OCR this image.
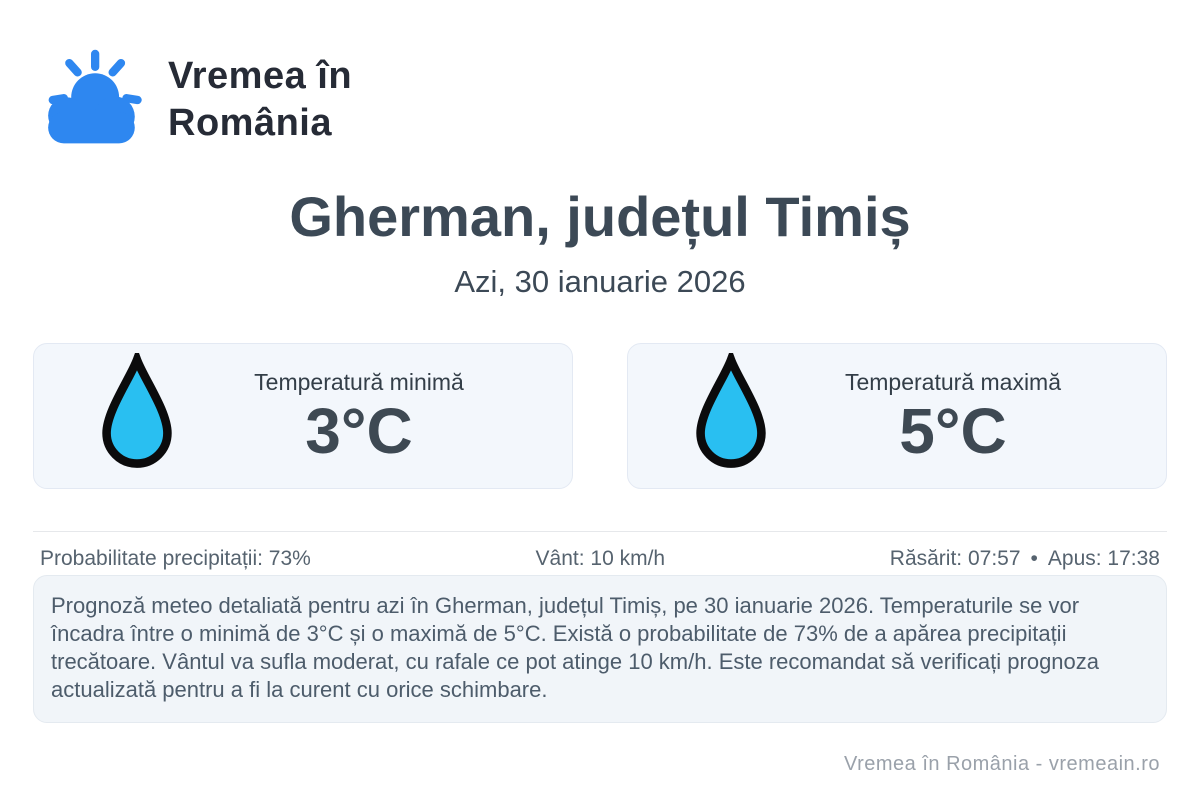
Vremea în
România
Gherman, județul Timiș
Azi, 30 ianuarie 2026
Temperatură minimă
3°C
Temperatură maximă
5°C
Probabilitate precipitații: 73%	Vânt: 10 km/h	Răsărit: 07:57 • Apus: 17:38
Prognoză meteo detaliată pentru azi în Gherman, județul Timiș, pe 30 ianuarie 2026. Temperaturile se vor încadra între o minimă de 3°C și o maximă de 5°C. Există o probabilitate de 73% de a apărea precipitații trecătoare. Vântul va sufla moderat, cu rafale ce pot atinge 10 km/h. Este recomandat să verificați prognoza actualizată pentru a fi la curent cu orice schimbare.
Vremea în România - vremeain.ro
